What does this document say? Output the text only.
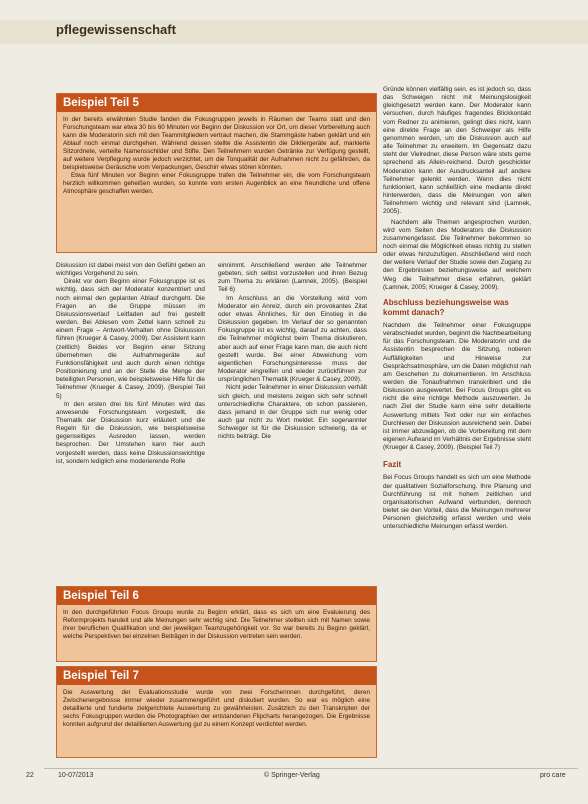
pflegewissenschaft

Gründe können vielfältig sein. es ist jedoch so, dass das Schweigen nicht mit Meinungslosigkeit gleichgesetzt werden kann. Der Moderator kann versuchen, durch häufiges fragendes Blickkontakt vom Redner zu animieren, gelingt dies nicht, kann eine direkte Frage an den Schweiger als Hilfe genommen werden, um die Diskussion auch auf alle Teilnehmer zu erweitern. Im Gegensatz dazu steht der Vielredner, diese Person wäre stets gerne sprechend als Allein-reichend. Durch geschickter Moderation kann der Ausdrucksanteil auf andere Teilnehmer gelenkt werden. Wenn dies nicht funktioniert, kann schließlich eine mediante direkt hinterwerden, dass die Meinungen von allen Teilnehmern wichtig und relevant sind (Lamnek, 2005).

Nachdem alle Themen angesprochen wurden, wird vom Seiten des Moderators die Diskussion zusammengefasst. Die Teilnehmer bekommen so noch einmal die Möglichkeit etwas richtig zu stellen oder etwas hinzuzufügen. Abschließend wird noch der weitere Verlauf der Studie sowie den Zugang zu den Ergebnissen beziehungsweise auf welchem Weg die Teilnehmer diese erfahren, geklärt (Lamnek, 2005; Krueger & Casey, 2009).

Abschluss beziehungsweise was kommt danach?

Nachdem die Teilnehmer einer Fokusgruppe verabschiedet wurden, beginnt die Nachbearbeitung für das Forschungsteam. Die Moderatorin und die Assistentin besprechen die Sitzung, notieren Auffälligkeiten und Hinweise zur Gesprächsatmosphäre, um die Daten möglichst nah am Geschehen zu dokumentieren. Im Anschluss werden die Tonaufnahmen transkribiert und die Diskussion ausgewertet. Bei Focus Groups gibt es nicht die eine richtige Methode auszuwerten. Je nach Ziel der Studie kann eine sehr detaillierte Auswertung mittels Text oder nur ein einfaches Durchlesen der Diskussion ausreichend sein. Dabei ist immer abzuwägen, ob die Vorbereitung mit dem eigenen Aufwand im Verhältnis der Ergebnisse steht (Krueger & Casey, 2009). (Beispiel Teil 7)

Fazit

Bei Focus Groups handelt es sich um eine Methode der qualitativen Sozialforschung. Ihre Planung und Durchführung ist mit hohem zeitlichen und organisatorischen Aufwand verbunden, dennoch bietet sie den Vorteil, dass die Meinungen mehrerer Personen gleichzeitig erfasst werden und viele unterschiedliche Meinungen erfasst werden.

Beispiel Teil 5

In der bereits erwähnten Studie fanden die Fokusgruppen jeweils in Räumen der Teams statt und den Forschungsteam war etwa 30 bis 60 Minuten vor Beginn der Diskussion vor Ort, um dieser Vorbereitung auch kann die Moderatorin sich mit den Teammitgliedern vertraut machen, die Stammgäste haben geklärt und ein Ablauf noch einmal durchgehen. Während dessen stellte die Assistentin die Diktiergeräte auf, markierte Sitzordnete, verteilte Namensschilder und Stifte. Den Teilnehmern wurden Getränke zur Verfügung gestellt, auf weitere Verpflegung wurde jedoch verzichtet, um die Tonqualität der Aufnahmen nicht zu gefährden, da beispielsweise Geräusche vom Verpackungen, Geschirr etwas stören könnten.

Etwa fünf Minuten vor Beginn einer Fokusgruppe trafen die Teilnehmer ein, die vom Forschungsteam herzlich willkommen geheißen wurden, so konnte vom ersten Augenblick an eine freundliche und offene Atmosphäre geschaffen werden.

Diskussion ist dabei meist von den Gefühl geben an wichtiges Vorgehend zu sein.

Direkt vor dem Beginn einer Fokusgruppe ist es wichtig, dass sich der Moderator konzentriert und noch einmal den geplanten Ablauf durchgeht. Die Fragen an die Gruppe müssen im Diskussionsverlauf Leitfaden auf frei gestellt werden. Bei Ablesen vom Zettel kann schnell zu einem Frage – Antwort-Verhalten ohne Diskussion führen (Krueger & Casey, 2009). Der Assistent kann (zeitlich) Beides vor Beginn einer Sitzung übernehmen die Aufnahmegeräte auf Funktionsfähigkeit und auch durch einen richtige Positionierung und an der Stelle die Menge der beteiligten Personen, wie beispielsweise Hilfe für die Teilnehmer (Krueger & Casey, 2009). (Beispiel Teil 5)

In den ersten drei bis fünf Minuten wird das anwesende Forschungsteam vorgestellt, die Thematik der Diskussion kurz erläutert und die Regeln für die Diskussion, wie beispielsweise gegenseitiges Ausreden lassen, werden besprochen. Der Umstehen kann hier auch vorgestellt werden, dass keine Diskussionswichtige ist, sondern lediglich eine moderierende Rolle

einnimmt. Anschließend werden alle Teilnehmer gebeten, sich selbst vorzustellen und ihren Bezug zum Thema zu erklären (Lamnek, 2005). (Beispiel Teil 6)

Im Anschluss an die Vorstellung wird vom Moderator ein Anreiz, durch ein provokantes Zitat oder etwas Ähnliches, für den Einstieg in die Diskussion gegeben. Im Verlauf der so genannten Fokusgruppe ist es wichtig, darauf zu achten, dass die Teilnehmer möglichst beim Thema diskutieren, aber auch auf einer Frage kann man, die auch nicht gestellt wurde. Bei einer Abweichung vom eigentlichen Forschungsinteresse muss der Moderator eingreifen und wieder zurückführen zur ursprünglichen Thematik (Krueger & Casey, 2009).

Nicht jeder Teilnehmer in einer Diskussion verhält sich gleich, und meistens zeigen sich sehr schnell unterschiedliche Charaktere, ob schon passieren, dass jemand in der Gruppe sich nur wenig oder auch gar nicht zu Wort meldet. Ein sogenannter Schweiger ist für die Diskussion schwierig, da er nichts beiträgt. Die

Beispiel Teil 6

In den durchgeführten Focus Groups wurde zu Beginn erklärt, dass es sich um eine Evaluierung des Reformprojekts handelt und alle Meinungen sehr wichtig sind. Die Teilnehmer stellten sich mit Namen sowie ihrer beruflichen Qualifikation und der jeweiligen Teamzugehörigkeit vor. So war bereits zu Beginn geklärt, welche Perspektiven bei einzelnen Beiträgen in der Diskussion vertreten sein werden.

Beispiel Teil 7

Die Auswertung der Evaluationsstudie wurde von zwei Forscherinnen durchgeführt, deren Zwischenergebnisse immer wieder zusammengeführt und diskutiert wurden. So war es möglich eine detaillierte und fundierte zielgerichtete Auswertung zu gewährleisten. Zusätzlich zu den Transkripten der sechs Fokusgruppen wurden die Photographien der entstandenen Flipcharts herangezogen. Die Ergebnisse konnten aufgrund der detaillierten Auswertung gut zu einem Konzept verdichtet werden.

22	10-07/2013	© Springer-Verlag	pro care
